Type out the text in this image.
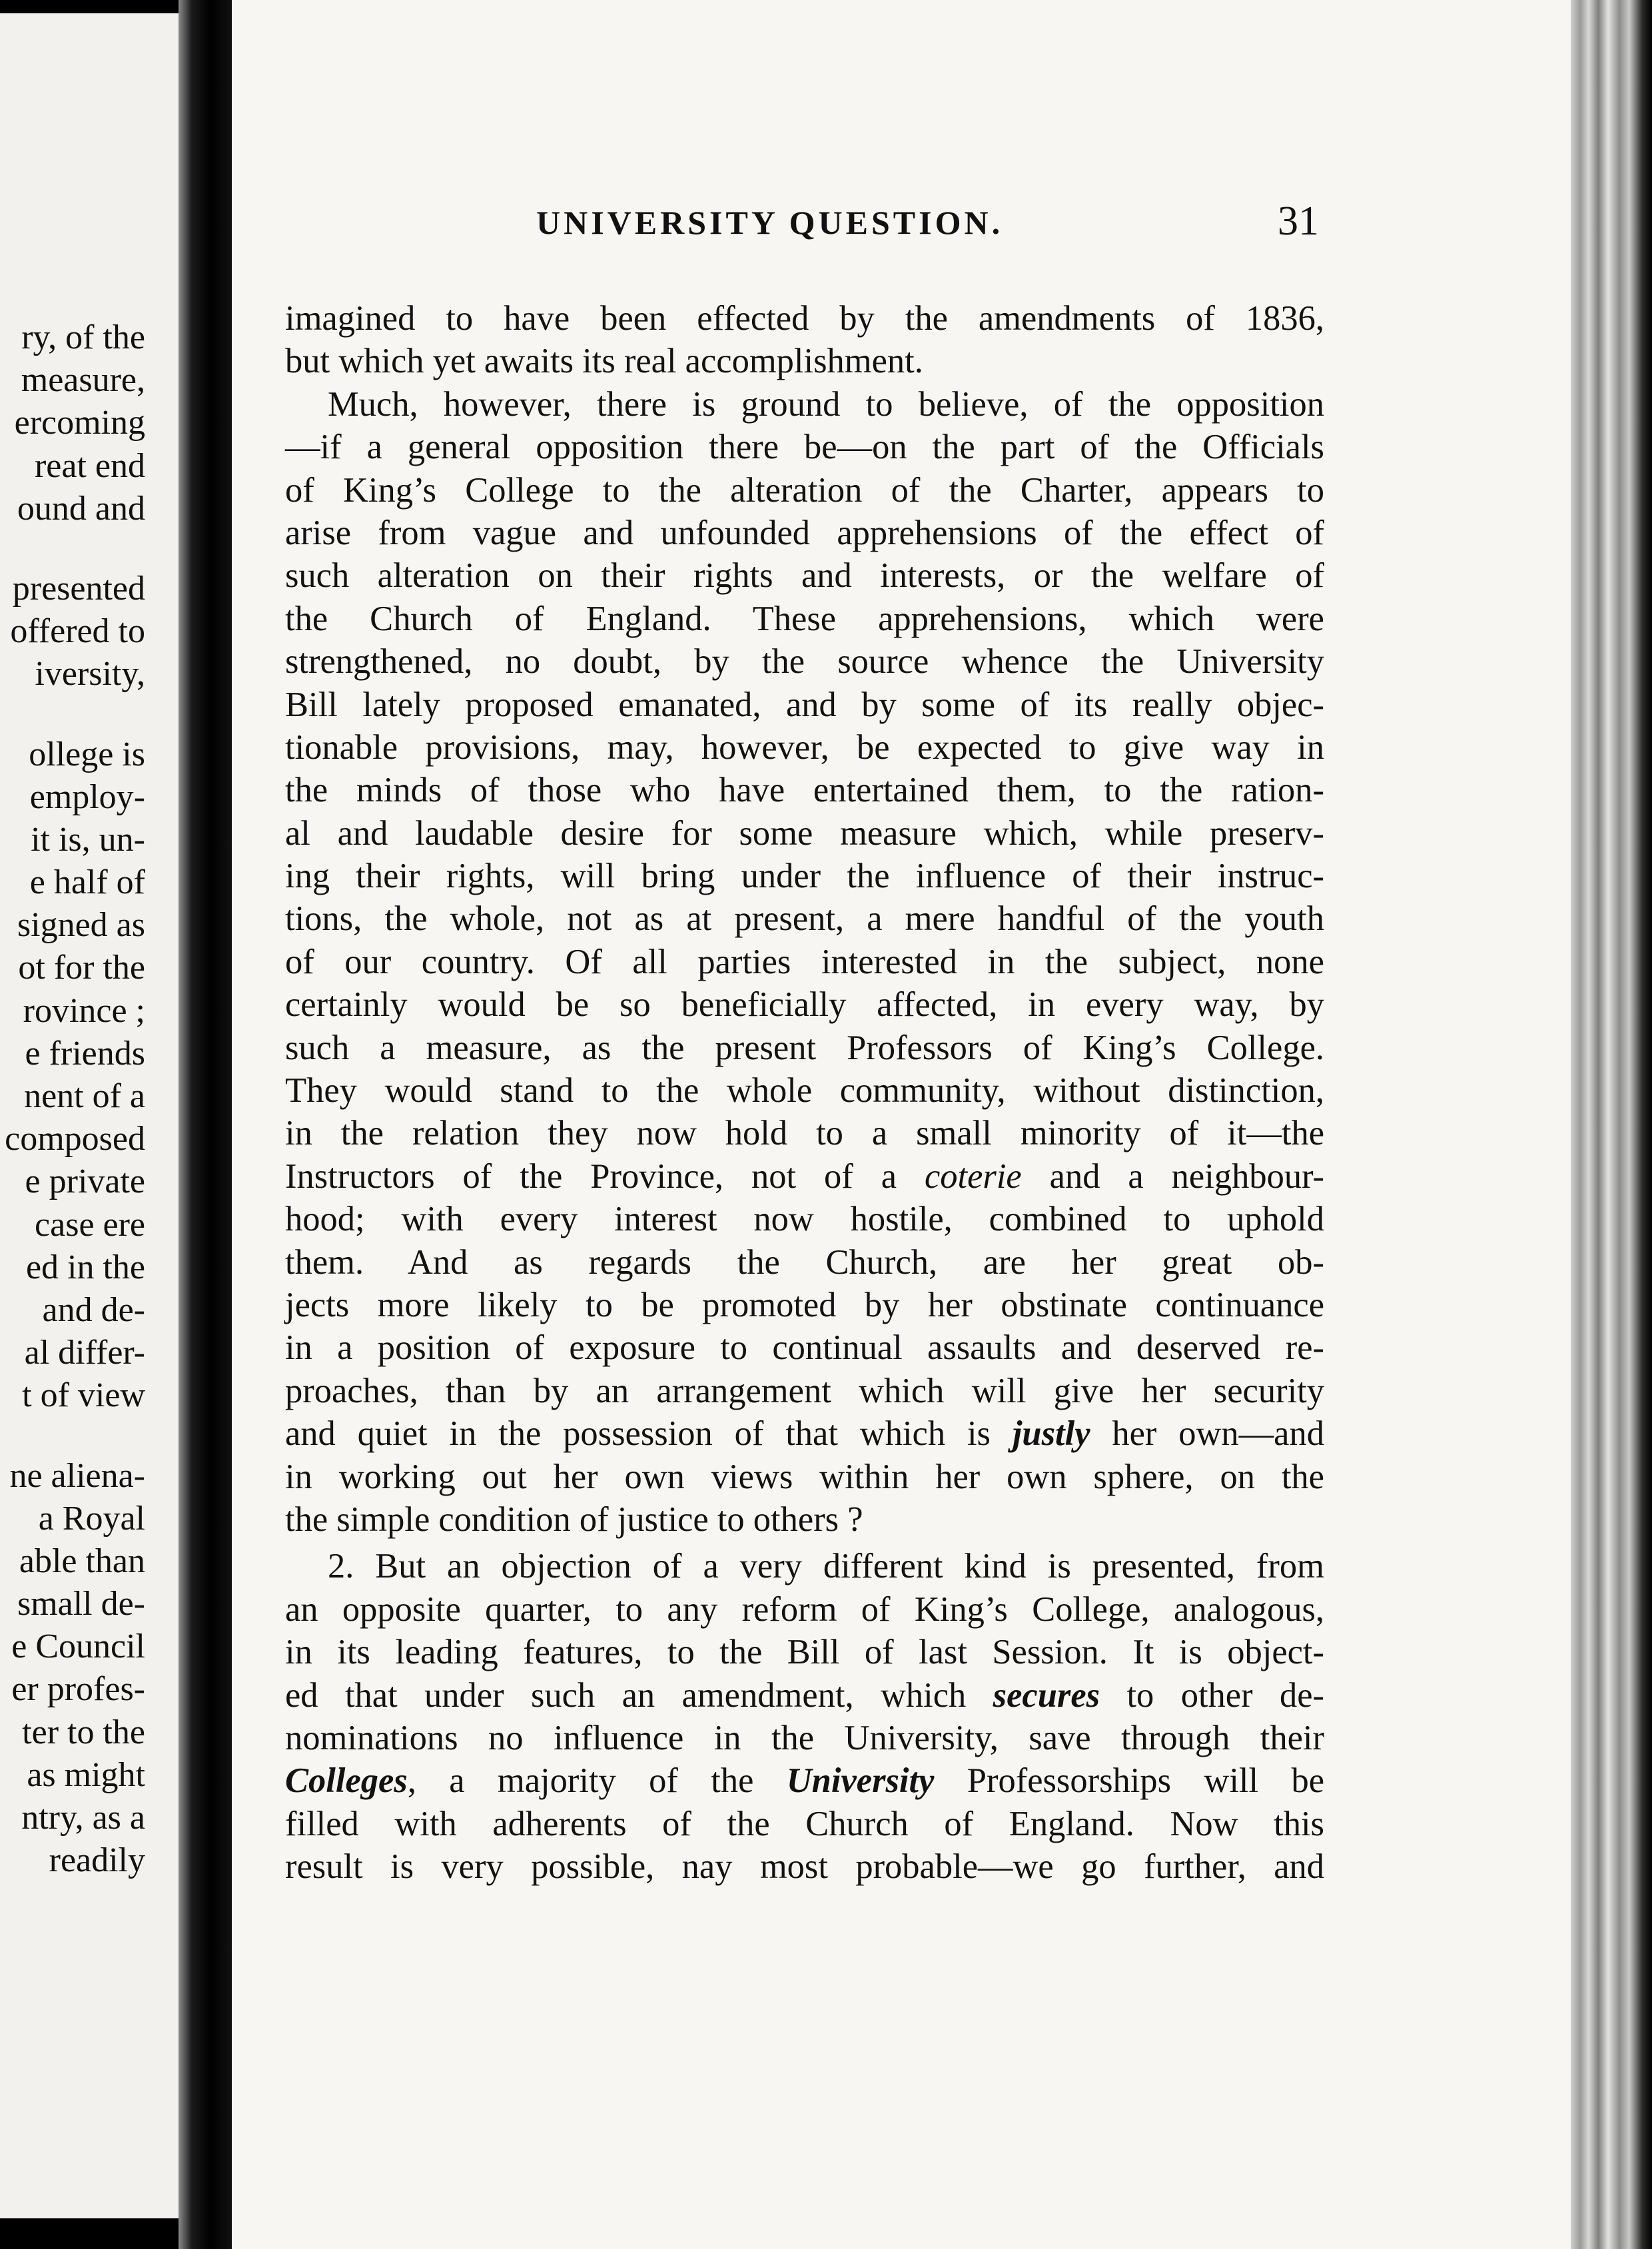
ry, of the
measure,
ercoming
reat end
ound and
presented
offered to
iversity,
ollege is
employ-
it is, un-
e half of
signed as
ot for the
rovince ;
e friends
nent of a
composed
e private
case ere
ed in the
and de-
al differ-
t of view
ne aliena-
a Royal
able than
small de-
e Council
er profes-
ter to the
as might
ntry, as a
readily
UNIVERSITY QUESTION.	31
imagined to have been effected by the amendments of 1836,
but which yet awaits its real accomplishment.
Much, however, there is ground to believe, of the opposition
—if a general opposition there be—on the part of the Officials
of King’s College to the alteration of the Charter, appears to
arise from vague and unfounded apprehensions of the effect of
such alteration on their rights and interests, or the welfare of
the Church of England. These apprehensions, which were
strengthened, no doubt, by the source whence the University
Bill lately proposed emanated, and by some of its really objec-
tionable provisions, may, however, be expected to give way in
the minds of those who have entertained them, to the ration-
al and laudable desire for some measure which, while preserv-
ing their rights, will bring under the influence of their instruc-
tions, the whole, not as at present, a mere handful of the youth
of our country. Of all parties interested in the subject, none
certainly would be so beneficially affected, in every way, by
such a measure, as the present Professors of King’s College.
They would stand to the whole community, without distinction,
in the relation they now hold to a small minority of it—the
Instructors of the Province, not of a coterie and a neighbour-
hood; with every interest now hostile, combined to uphold
them. And as regards the Church, are her great ob-
jects more likely to be promoted by her obstinate continuance
in a position of exposure to continual assaults and deserved re-
proaches, than by an arrangement which will give her security
and quiet in the possession of that which is justly her own—and
in working out her own views within her own sphere, on the
the simple condition of justice to others ?
2. But an objection of a very different kind is presented, from
an opposite quarter, to any reform of King’s College, analogous,
in its leading features, to the Bill of last Session. It is object-
ed that under such an amendment, which secures to other de-
nominations no influence in the University, save through their
Colleges, a majority of the University Professorships will be
filled with adherents of the Church of England. Now this
result is very possible, nay most probable—we go further, and
